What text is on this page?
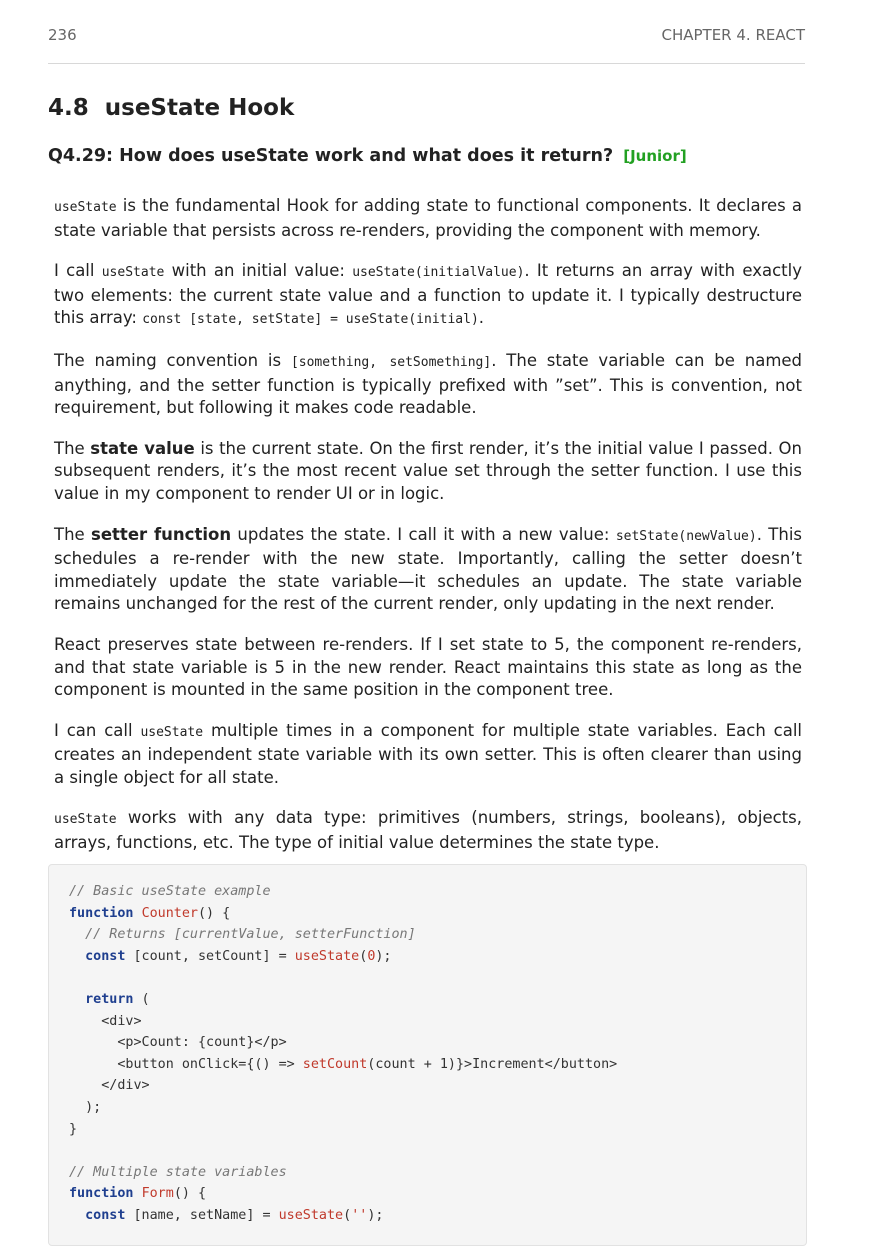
236	CHAPTER 4. REACT
4.8 useState Hook
Q4.29: How does useState work and what does it return? [Junior]

useState is the fundamental Hook for adding state to functional components. It declares a state variable that persists across re-renders, providing the component with memory.

I call useState with an initial value: useState(initialValue). It returns an array with exactly two elements: the current state value and a function to update it. I typically destructure this array: const [state, setState] = useState(initial).

The naming convention is [something, setSomething]. The state variable can be named anything, and the setter function is typically prefixed with ”set”. This is convention, not requirement, but following it makes code readable.

The state value is the current state. On the first render, it’s the initial value I passed. On subsequent renders, it’s the most recent value set through the setter function. I use this value in my component to render UI or in logic.

The setter function updates the state. I call it with a new value: setState(newValue). This schedules a re-render with the new state. Importantly, calling the setter doesn’t immediately update the state variable—it schedules an update. The state variable remains unchanged for the rest of the current render, only updating in the next render.

React preserves state between re-renders. If I set state to 5, the component re-renders, and that state variable is 5 in the new render. React maintains this state as long as the component is mounted in the same position in the component tree.

I can call useState multiple times in a component for multiple state variables. Each call creates an independent state variable with its own setter. This is often clearer than using a single object for all state.

useState works with any data type: primitives (numbers, strings, booleans), objects, arrays, functions, etc. The type of initial value determines the state type.

// Basic useState example
function Counter() {
// Returns [currentValue, setterFunction]
const [count, setCount] = useState(0);
return (
<div>
<p>Count: {count}</p>
<button onClick={() => setCount(count + 1)}>Increment</button>
</div>
);
}
// Multiple state variables
function Form() {
const [name, setName] = useState('');
